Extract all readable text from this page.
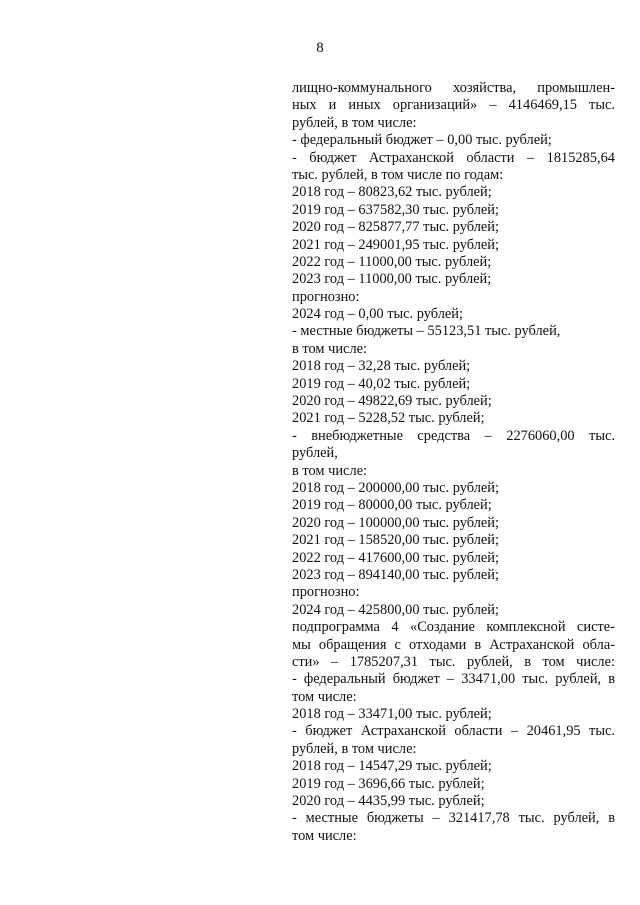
8
лищно-коммунального хозяйства, промышлен-
ных и иных организаций» – 4146469,15 тыс.
рублей, в том числе:
- федеральный бюджет – 0,00 тыс. рублей;
- бюджет Астраханской области – 1815285,64
тыс. рублей, в том числе по годам:
2018 год – 80823,62 тыс. рублей;
2019 год – 637582,30 тыс. рублей;
2020 год – 825877,77 тыс. рублей;
2021 год – 249001,95 тыс. рублей;
2022 год – 11000,00 тыс. рублей;
2023 год – 11000,00 тыс. рублей;
прогнозно:
2024 год – 0,00 тыс. рублей;
- местные бюджеты – 55123,51 тыс. рублей,
в том числе:
2018 год – 32,28 тыс. рублей;
2019 год – 40,02 тыс. рублей;
2020 год – 49822,69 тыс. рублей;
2021 год – 5228,52 тыс. рублей;
- внебюджетные средства – 2276060,00 тыс.
рублей,
в том числе:
2018 год – 200000,00 тыс. рублей;
2019 год – 80000,00 тыс. рублей;
2020 год – 100000,00 тыс. рублей;
2021 год – 158520,00 тыс. рублей;
2022 год – 417600,00 тыс. рублей;
2023 год – 894140,00 тыс. рублей;
прогнозно:
2024 год – 425800,00 тыс. рублей;
подпрограмма 4 «Создание комплексной систе-
мы обращения с отходами в Астраханской обла-
сти» – 1785207,31 тыс. рублей, в том числе:
- федеральный бюджет – 33471,00 тыс. рублей, в
том числе:
2018 год – 33471,00 тыс. рублей;
- бюджет Астраханской области – 20461,95 тыс.
рублей, в том числе:
2018 год – 14547,29 тыс. рублей;
2019 год – 3696,66 тыс. рублей;
2020 год – 4435,99 тыс. рублей;
- местные бюджеты – 321417,78 тыс. рублей, в
том числе:
